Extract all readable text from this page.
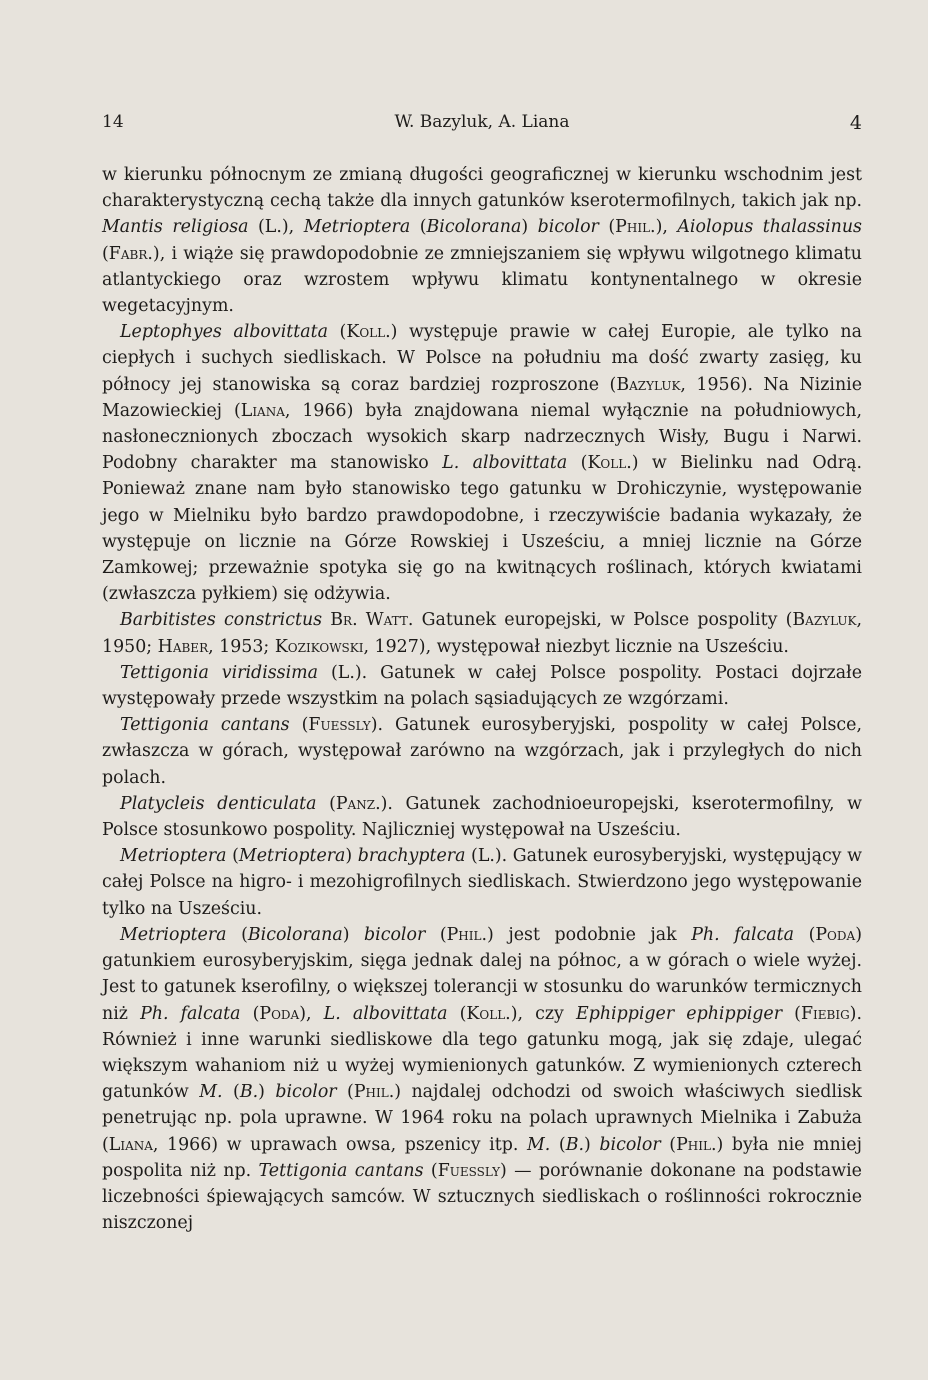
14	W. Bazyluk, A. Liana	4

w kierunku północnym ze zmianą długości geograficznej w kierunku wschodnim jest charakterystyczną cechą także dla innych gatunków kserotermofilnych, takich jak np. Mantis religiosa (L.), Metrioptera (Bicolorana) bicolor (Phil.), Aiolopus thalassinus (Fabr.), i wiąże się prawdopodobnie ze zmniejszaniem się wpływu wilgotnego klimatu atlantyckiego oraz wzrostem wpływu klimatu kontynentalnego w okresie wegetacyjnym.

Leptophyes albovittata (Koll.) występuje prawie w całej Europie, ale tylko na ciepłych i suchych siedliskach. W Polsce na południu ma dość zwarty zasięg, ku północy jej stanowiska są coraz bardziej rozproszone (Bazyluk, 1956). Na Nizinie Mazowieckiej (Liana, 1966) była znajdowana niemal wyłącznie na południowych, nasłonecznionych zboczach wysokich skarp nadrzecznych Wisły, Bugu i Narwi. Podobny charakter ma stanowisko L. albovittata (Koll.) w Bielinku nad Odrą. Ponieważ znane nam było stanowisko tego gatunku w Drohiczynie, występowanie jego w Mielniku było bardzo prawdopodobne, i rzeczywiście badania wykazały, że występuje on licznie na Górze Rowskiej i Usześciu, a mniej licznie na Górze Zamkowej; przeważnie spotyka się go na kwitnących roślinach, których kwiatami (zwłaszcza pyłkiem) się odżywia.

Barbitistes constrictus Br. Watt. Gatunek europejski, w Polsce pospolity (Bazyluk, 1950; Haber, 1953; Kozikowski, 1927), występował niezbyt licznie na Usześciu.

Tettigonia viridissima (L.). Gatunek w całej Polsce pospolity. Postaci dojrzałe występowały przede wszystkim na polach sąsiadujących ze wzgórzami.

Tettigonia cantans (Fuessly). Gatunek eurosyberyjski, pospolity w całej Polsce, zwłaszcza w górach, występował zarówno na wzgórzach, jak i przyległych do nich polach.

Platycleis denticulata (Panz.). Gatunek zachodnioeuropejski, kserotermofilny, w Polsce stosunkowo pospolity. Najliczniej występował na Usześciu.

Metrioptera (Metrioptera) brachyptera (L.). Gatunek eurosyberyjski, występujący w całej Polsce na higro- i mezohigrofilnych siedliskach. Stwierdzono jego występowanie tylko na Usześciu.

Metrioptera (Bicolorana) bicolor (Phil.) jest podobnie jak Ph. falcata (Poda) gatunkiem eurosyberyjskim, sięga jednak dalej na północ, a w górach o wiele wyżej. Jest to gatunek kserofilny, o większej tolerancji w stosunku do warunków termicznych niż Ph. falcata (Poda), L. albovittata (Koll.), czy Ephippiger ephippiger (Fiebig). Również i inne warunki siedliskowe dla tego gatunku mogą, jak się zdaje, ulegać większym wahaniom niż u wyżej wymienionych gatunków. Z wymienionych czterech gatunków M. (B.) bicolor (Phil.) najdalej odchodzi od swoich właściwych siedlisk penetrując np. pola uprawne. W 1964 roku na polach uprawnych Mielnika i Zabuża (Liana, 1966) w uprawach owsa, pszenicy itp. M. (B.) bicolor (Phil.) była nie mniej pospolita niż np. Tettigonia cantans (Fuessly) — porównanie dokonane na podstawie liczebności śpiewających samców. W sztucznych siedliskach o roślinności rokrocznie niszczonej
